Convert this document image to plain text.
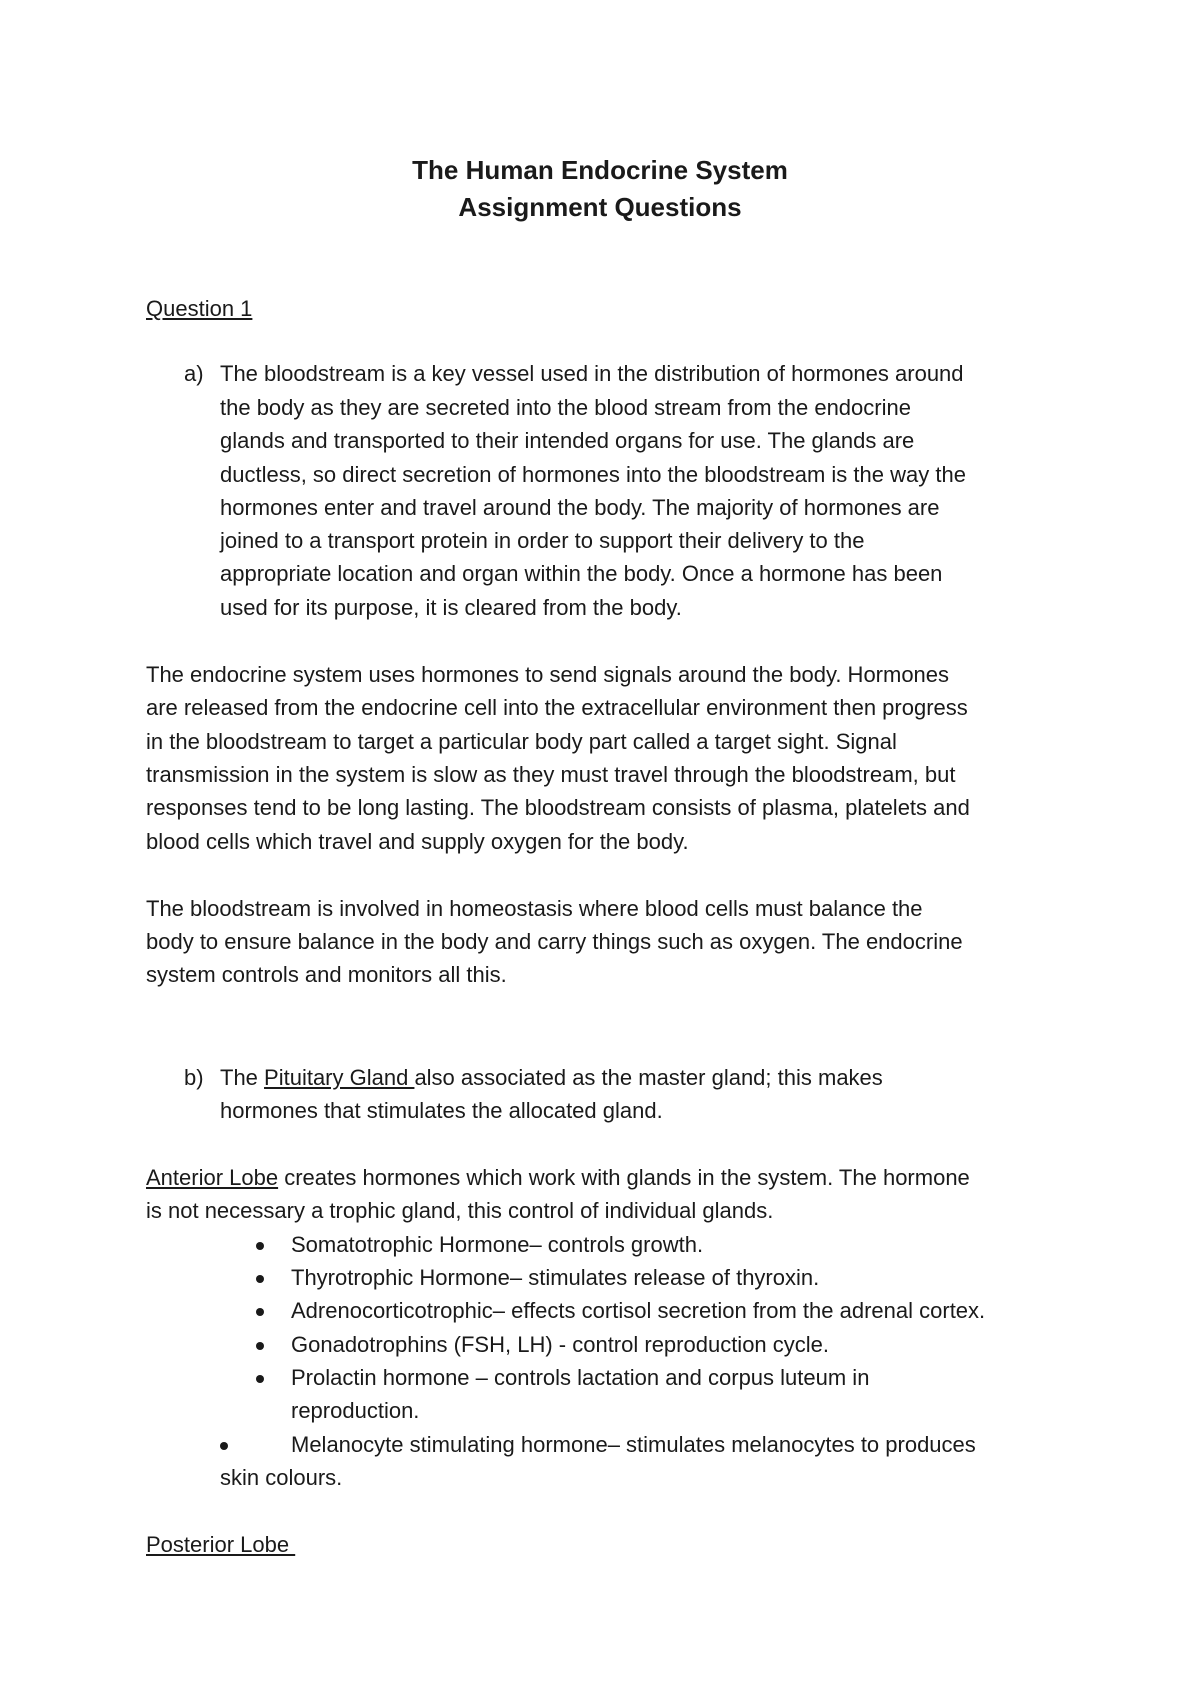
The Human Endocrine System
Assignment Questions
Question 1
a) The bloodstream is a key vessel used in the distribution of hormones around
the body as they are secreted into the blood stream from the endocrine
glands and transported to their intended organs for use. The glands are
ductless, so direct secretion of hormones into the bloodstream is the way the
hormones enter and travel around the body. The majority of hormones are
joined to a transport protein in order to support their delivery to the
appropriate location and organ within the body. Once a hormone has been
used for its purpose, it is cleared from the body.
The endocrine system uses hormones to send signals around the body. Hormones
are released from the endocrine cell into the extracellular environment then progress
in the bloodstream to target a particular body part called a target sight. Signal
transmission in the system is slow as they must travel through the bloodstream, but
responses tend to be long lasting. The bloodstream consists of plasma, platelets and
blood cells which travel and supply oxygen for the body.
The bloodstream is involved in homeostasis where blood cells must balance the
body to ensure balance in the body and carry things such as oxygen. The endocrine
system controls and monitors all this.
b) The Pituitary Gland also associated as the master gland; this makes
hormones that stimulates the allocated gland.
Anterior Lobe creates hormones which work with glands in the system. The hormone
is not necessary a trophic gland, this control of individual glands.
Somatotrophic Hormone– controls growth.
Thyrotrophic Hormone– stimulates release of thyroxin.
Adrenocorticotrophic– effects cortisol secretion from the adrenal cortex.
Gonadotrophins (FSH, LH) - control reproduction cycle.
Prolactin hormone – controls lactation and corpus luteum in
reproduction.
Melanocyte stimulating hormone– stimulates melanocytes to produces
skin colours.
Posterior Lobe
